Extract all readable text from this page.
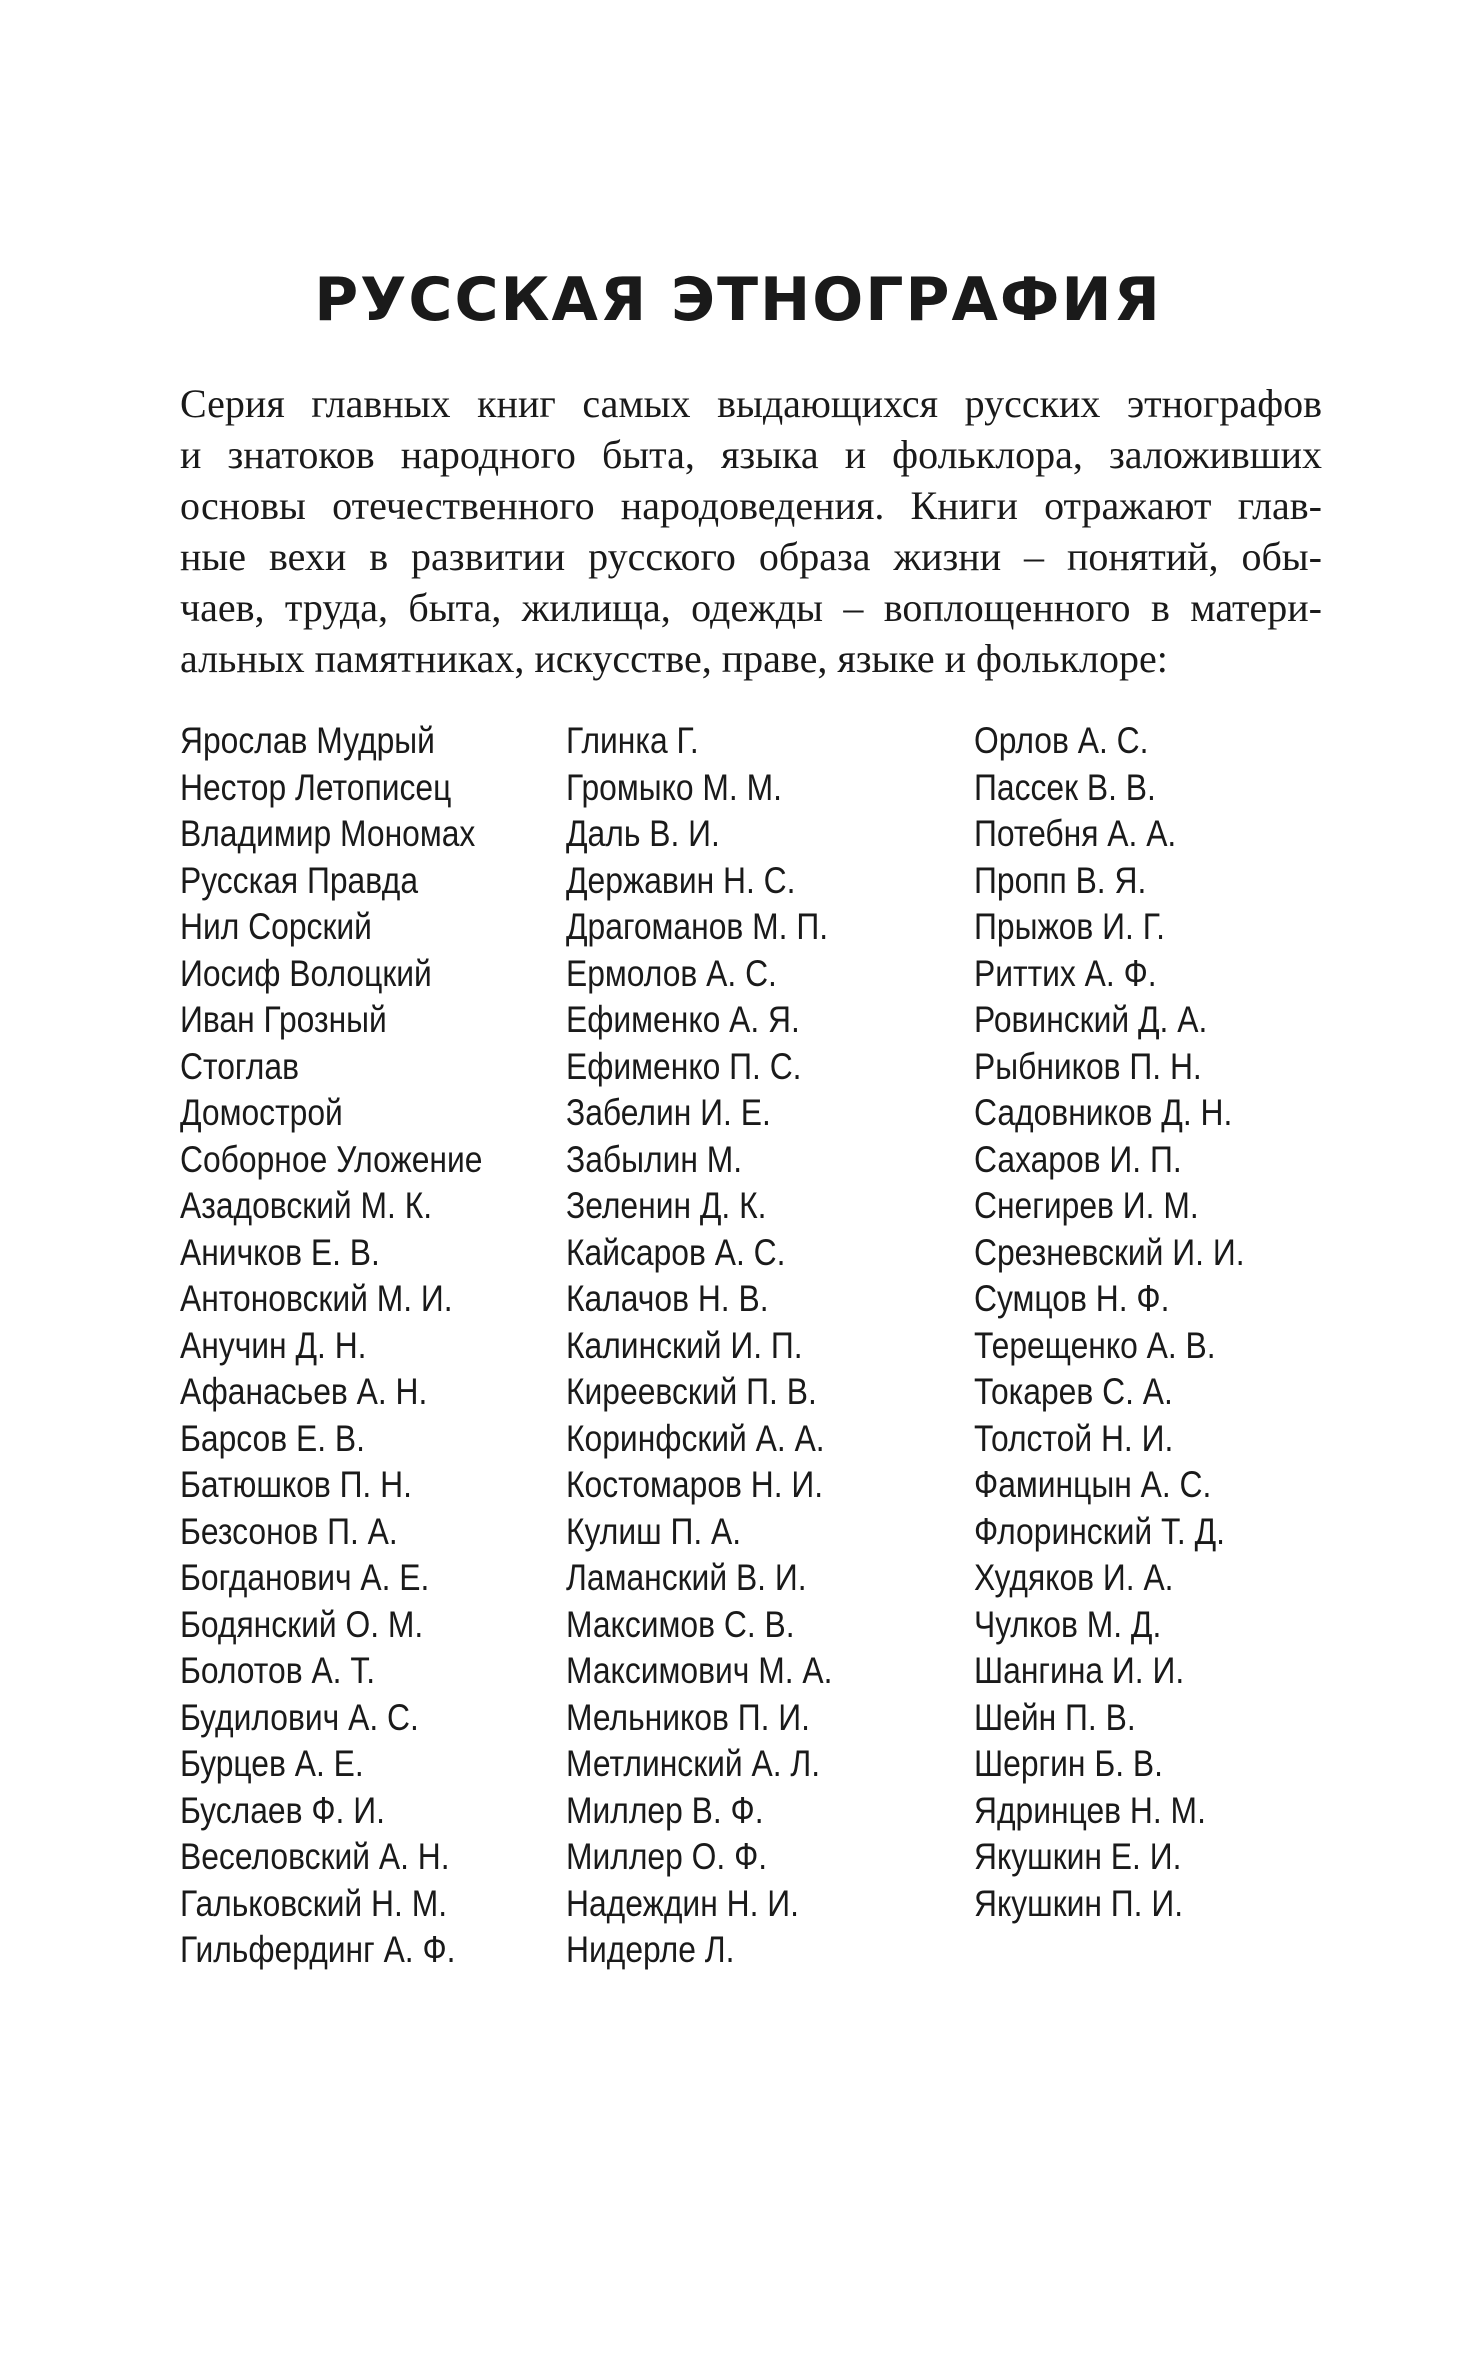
РУССКАЯ ЭТНОГРАФИЯ
Серия главных книг самых выдающихся русских этнографов
и знатоков народного быта, языка и фольклора, заложивших
основы отечественного народоведения. Книги отражают глав-
ные вехи в развитии русского образа жизни – понятий, обы-
чаев, труда, быта, жилища, одежды – воплощенного в матери-
альных памятниках, искусстве, праве, языке и фольклоре:
Ярослав Мудрый
Нестор Летописец
Владимир Мономах
Русская Правда
Нил Сорский
Иосиф Волоцкий
Иван Грозный
Стоглав
Домострой
Соборное Уложение
Азадовский М. К.
Аничков Е. В.
Антоновский М. И.
Анучин Д. Н.
Афанасьев А. Н.
Барсов Е. В.
Батюшков П. Н.
Безсонов П. А.
Богданович А. Е.
Бодянский О. М.
Болотов А. Т.
Будилович А. С.
Бурцев А. Е.
Буслаев Ф. И.
Веселовский А. Н.
Гальковский Н. М.
Гильфердинг А. Ф.
Глинка Г.
Громыко М. М.
Даль В. И.
Державин Н. С.
Драгоманов М. П.
Ермолов А. С.
Ефименко А. Я.
Ефименко П. С.
Забелин И. Е.
Забылин М.
Зеленин Д. К.
Кайсаров А. С.
Калачов Н. В.
Калинский И. П.
Киреевский П. В.
Коринфский А. А.
Костомаров Н. И.
Кулиш П. А.
Ламанский В. И.
Максимов С. В.
Максимович М. А.
Мельников П. И.
Метлинский А. Л.
Миллер В. Ф.
Миллер О. Ф.
Надеждин Н. И.
Нидерле Л.
Орлов А. С.
Пассек В. В.
Потебня А. А.
Пропп В. Я.
Прыжов И. Г.
Риттих А. Ф.
Ровинский Д. А.
Рыбников П. Н.
Садовников Д. Н.
Сахаров И. П.
Снегирев И. М.
Срезневский И. И.
Сумцов Н. Ф.
Терещенко А. В.
Токарев С. А.
Толстой Н. И.
Фаминцын А. С.
Флоринский Т. Д.
Худяков И. А.
Чулков М. Д.
Шангина И. И.
Шейн П. В.
Шергин Б. В.
Ядринцев Н. М.
Якушкин Е. И.
Якушкин П. И.
